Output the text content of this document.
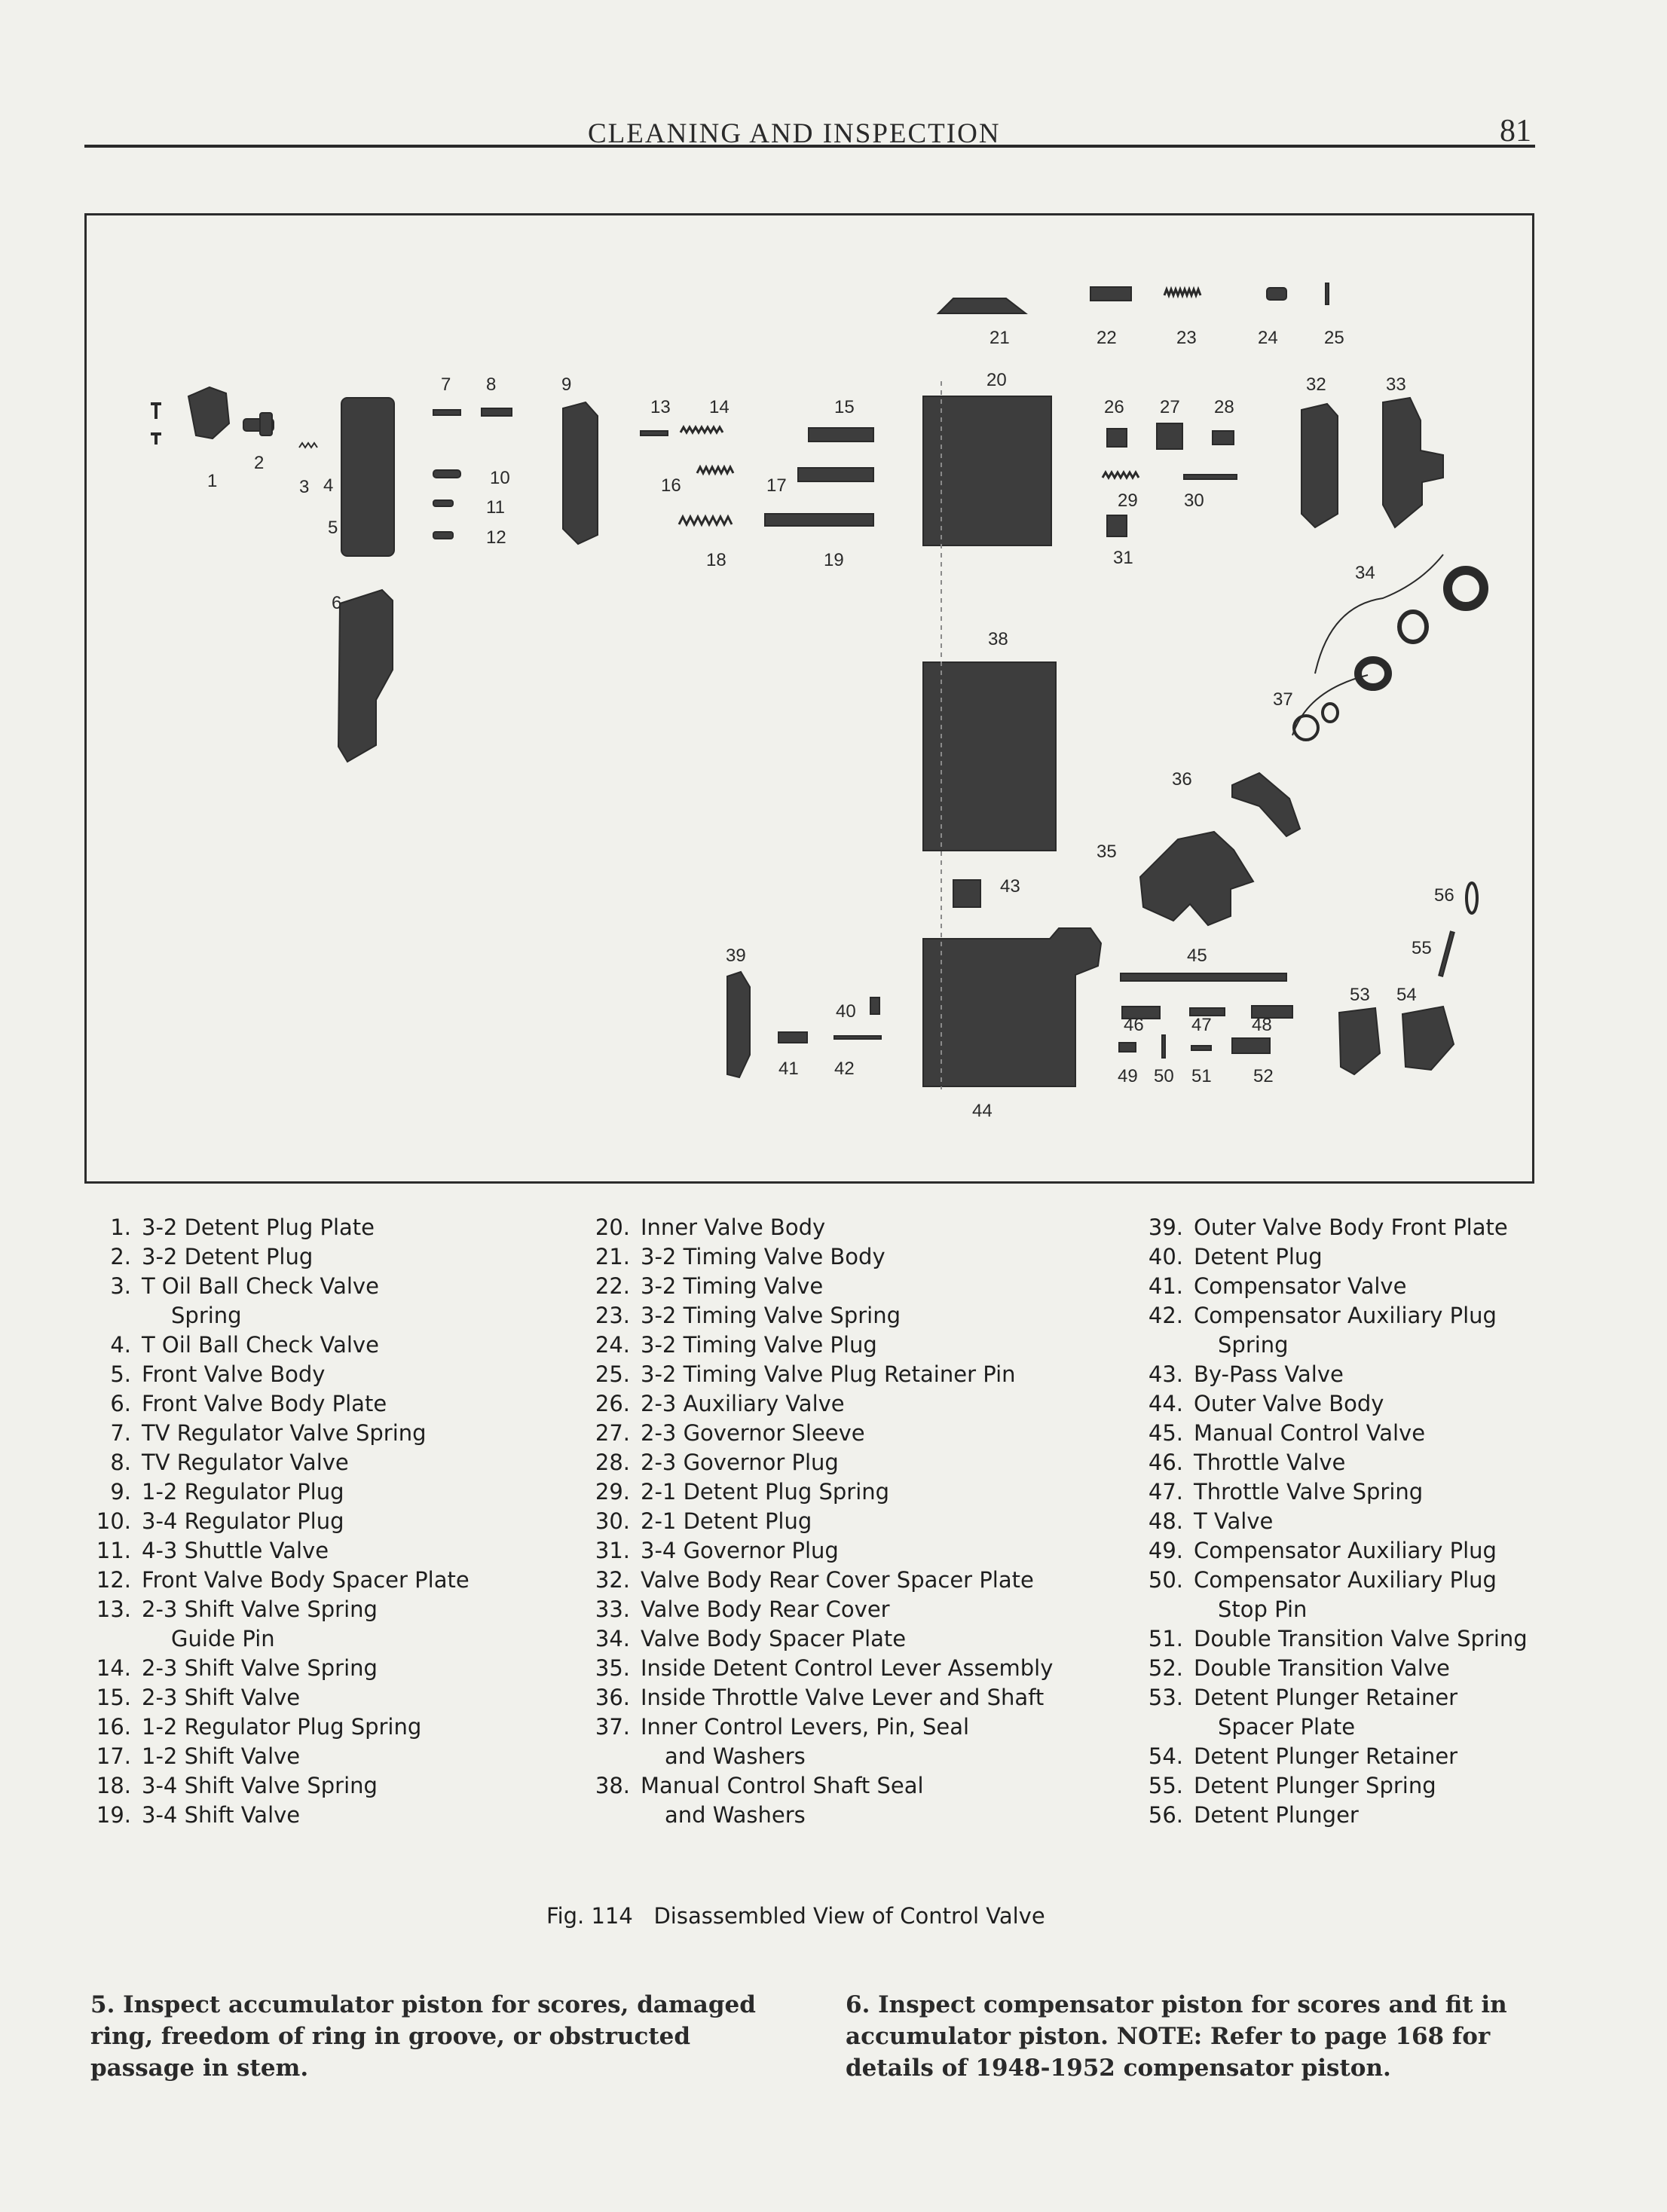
CLEANING AND INSPECTION	81
1
2
3 4
5
6
7 8	9
10
11
12
13 14	15
16	17
18	19
20
21	22	23	24	25
26 27 28
29	30
31
32	33
34
35
36
37
38
39
40
41 42
43
44
45
46	47 48
49 50 51 52
53 54
55
56
1. 3-2 Detent Plug Plate
2. 3-2 Detent Plug
3. T Oil Ball Check Valve
Spring
4. T Oil Ball Check Valve
5. Front Valve Body
6. Front Valve Body Plate
7. TV Regulator Valve Spring
8. TV Regulator Valve
9. 1-2 Regulator Plug
10. 3-4 Regulator Plug
11. 4-3 Shuttle Valve
12. Front Valve Body Spacer Plate
13. 2-3 Shift Valve Spring
Guide Pin
14. 2-3 Shift Valve Spring
15. 2-3 Shift Valve
16. 1-2 Regulator Plug Spring
17. 1-2 Shift Valve
18. 3-4 Shift Valve Spring
19. 3-4 Shift Valve
20. Inner Valve Body
21. 3-2 Timing Valve Body
22. 3-2 Timing Valve
23. 3-2 Timing Valve Spring
24. 3-2 Timing Valve Plug
25. 3-2 Timing Valve Plug Retainer Pin
26. 2-3 Auxiliary Valve
27. 2-3 Governor Sleeve
28. 2-3 Governor Plug
29. 2-1 Detent Plug Spring
30. 2-1 Detent Plug
31. 3-4 Governor Plug
32. Valve Body Rear Cover Spacer Plate
33. Valve Body Rear Cover
34. Valve Body Spacer Plate
35. Inside Detent Control Lever Assembly
36. Inside Throttle Valve Lever and Shaft
37. Inner Control Levers, Pin, Seal
and Washers
38. Manual Control Shaft Seal
and Washers
39. Outer Valve Body Front Plate
40. Detent Plug
41. Compensator Valve
42. Compensator Auxiliary Plug
Spring
43. By-Pass Valve
44. Outer Valve Body
45. Manual Control Valve
46. Throttle Valve
47. Throttle Valve Spring
48. T Valve
49. Compensator Auxiliary Plug
50. Compensator Auxiliary Plug
Stop Pin
51. Double Transition Valve Spring
52. Double Transition Valve
53. Detent Plunger Retainer
Spacer Plate
54. Detent Plunger Retainer
55. Detent Plunger Spring
56. Detent Plunger
Fig. 114   Disassembled View of Control Valve
5. Inspect accumulator piston for scores, damaged ring, freedom of ring in groove, or obstructed passage in stem.
6. Inspect compensator piston for scores and fit in accumulator piston. NOTE: Refer to page 168 for details of 1948-1952 compensator piston.
